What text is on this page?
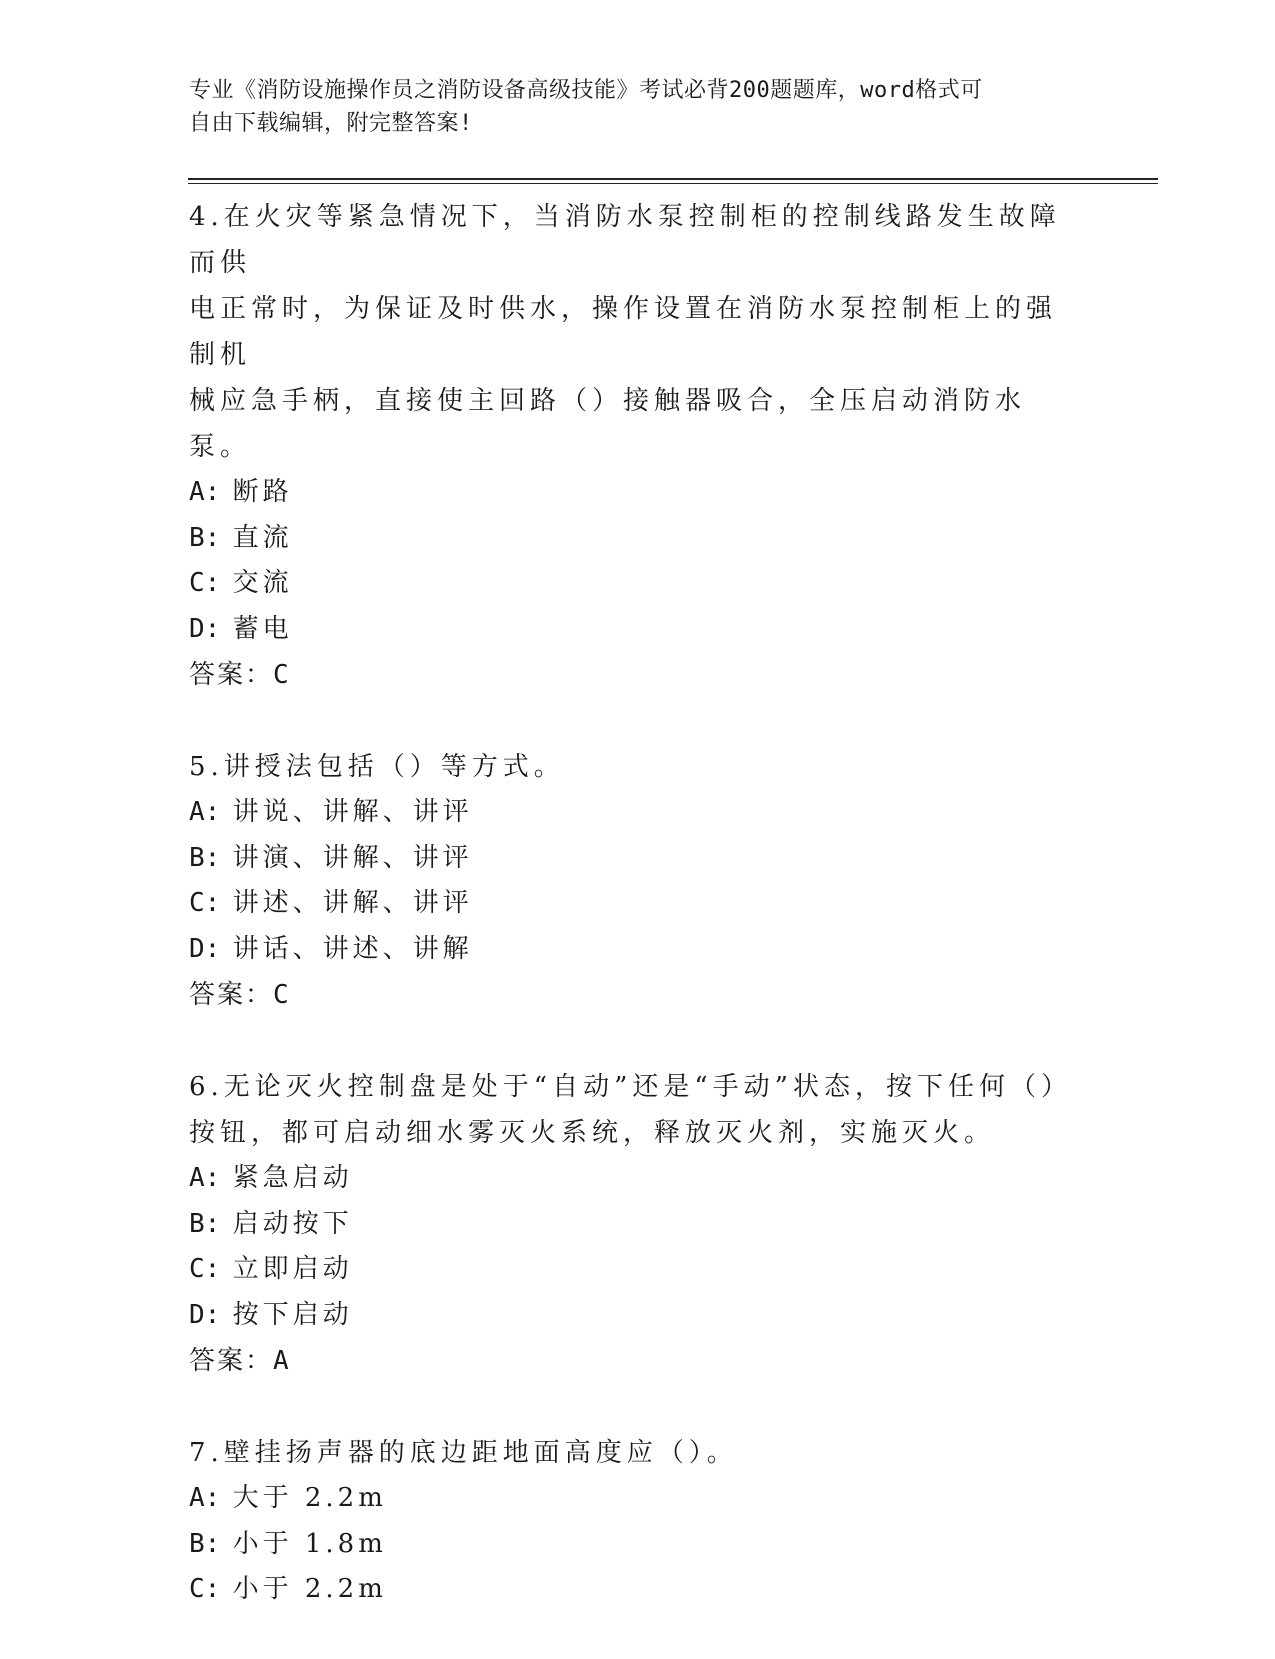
专业《消防设施操作员之消防设备高级技能》考试必背200题题库，word格式可
自由下载编辑，附完整答案!

4.在火灾等紧急情况下，当消防水泵控制柜的控制线路发生故障而供

电正常时，为保证及时供水，操作设置在消防水泵控制柜上的强制机

械应急手柄，直接使主回路（）接触器吸合，全压启动消防水泵。

A: 断路

B: 直流

C: 交流

D: 蓄电

答案：C

5.讲授法包括（）等方式。

A: 讲说、讲解、讲评

B: 讲演、讲解、讲评

C: 讲述、讲解、讲评

D: 讲话、讲述、讲解

答案：C

6.无论灭火控制盘是处于“自动”还是“手动”状态，按下任何（）

按钮，都可启动细水雾灭火系统，释放灭火剂，实施灭火。

A: 紧急启动

B: 启动按下

C: 立即启动

D: 按下启动

答案：A

7.壁挂扬声器的底边距地面高度应（）。

A: 大于 2.2m

B: 小于 1.8m

C: 小于 2.2m
